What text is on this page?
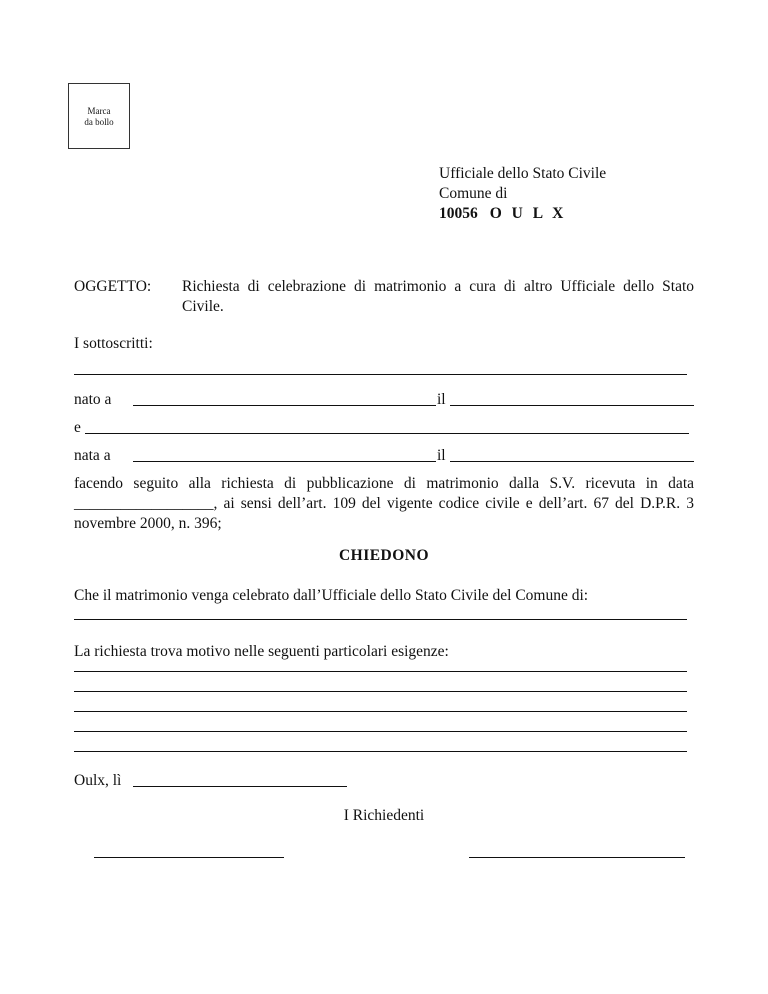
Marca
da bollo
Ufficiale dello Stato Civile
Comune di
10056 O U L X
OGGETTO: Richiesta di celebrazione di matrimonio a cura di altro Ufficiale dello Stato Civile.
I sottoscritti:
nato a	il
e
nata a	il
facendo seguito alla richiesta di pubblicazione di matrimonio dalla S.V. ricevuta in data __________________, ai sensi dell’art. 109 del vigente codice civile e dell’art. 67 del D.P.R. 3 novembre 2000, n. 396;
CHIEDONO
Che il matrimonio venga celebrato dall’Ufficiale dello Stato Civile del Comune di:
La richiesta trova motivo nelle seguenti particolari esigenze:
Oulx, lì
I Richiedenti
